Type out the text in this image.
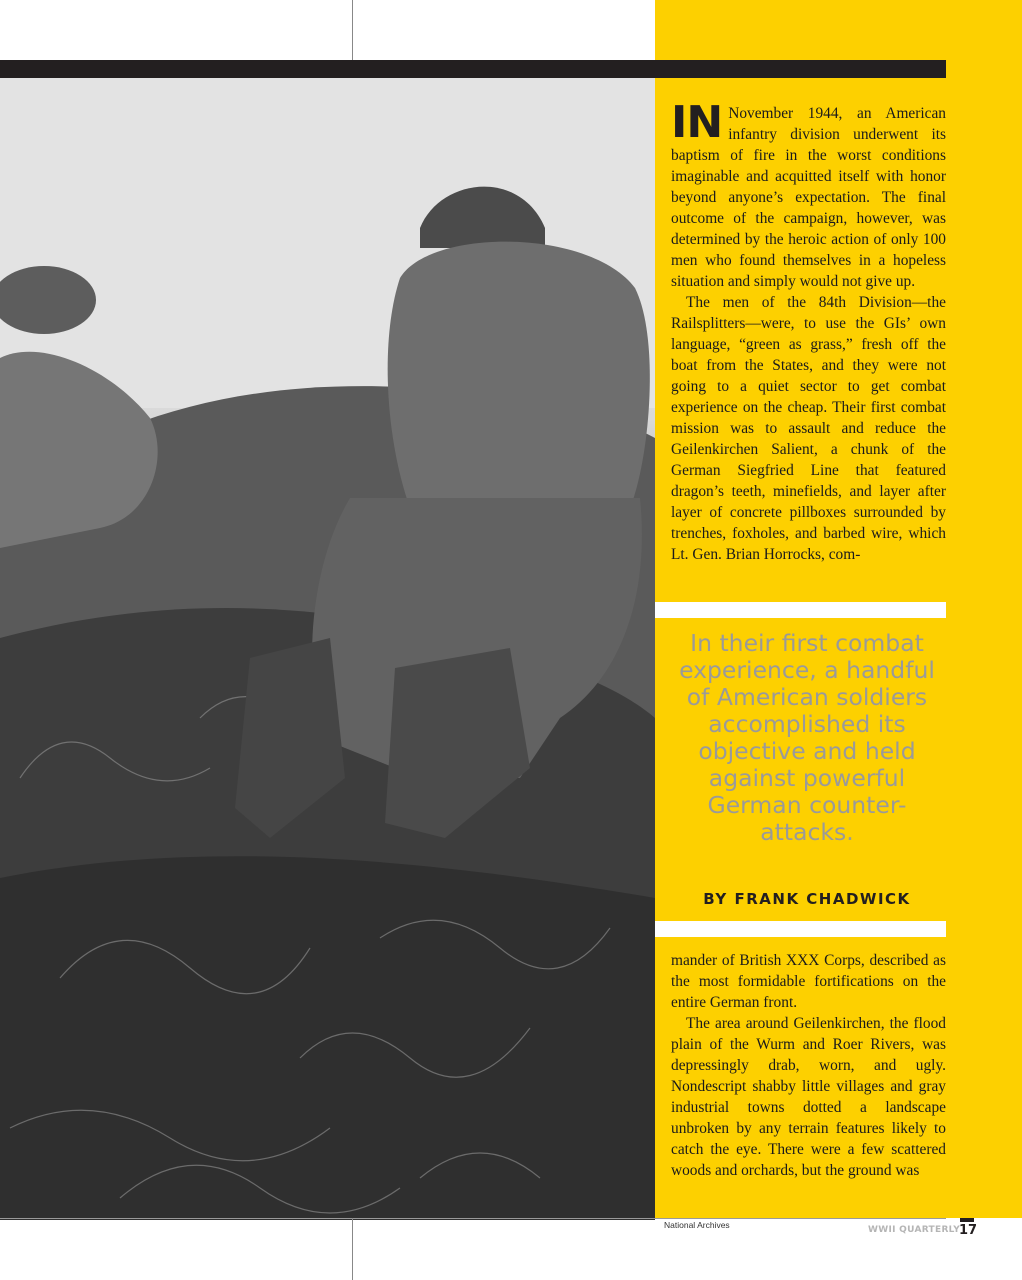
IN November 1944, an American infantry division underwent its baptism of fire in the worst conditions imaginable and acquitted itself with honor beyond anyone’s expectation. The final outcome of the campaign, however, was determined by the heroic action of only 100 men who found themselves in a hopeless situation and simply would not give up.

The men of the 84th Division—the Railsplitters—were, to use the GIs’ own language, “green as grass,” fresh off the boat from the States, and they were not going to a quiet sector to get combat experience on the cheap. Their first combat mission was to assault and reduce the Geilenkirchen Salient, a chunk of the German Siegfried Line that featured dragon’s teeth, minefields, and layer after layer of concrete pillboxes surrounded by trenches, foxholes, and barbed wire, which Lt. Gen. Brian Horrocks, com-

In their first combat experience, a handful of American soldiers accomplished its objective and held against powerful German counter-attacks.
BY FRANK CHADWICK

mander of British XXX Corps, described as the most formidable fortifications on the entire German front.

The area around Geilenkirchen, the flood plain of the Wurm and Roer Rivers, was depressingly drab, worn, and ugly. Nondescript shabby little villages and gray industrial towns dotted a landscape unbroken by any terrain features likely to catch the eye. There were a few scattered woods and orchards, but the ground was

National Archives	WWII QUARTERLY
17
